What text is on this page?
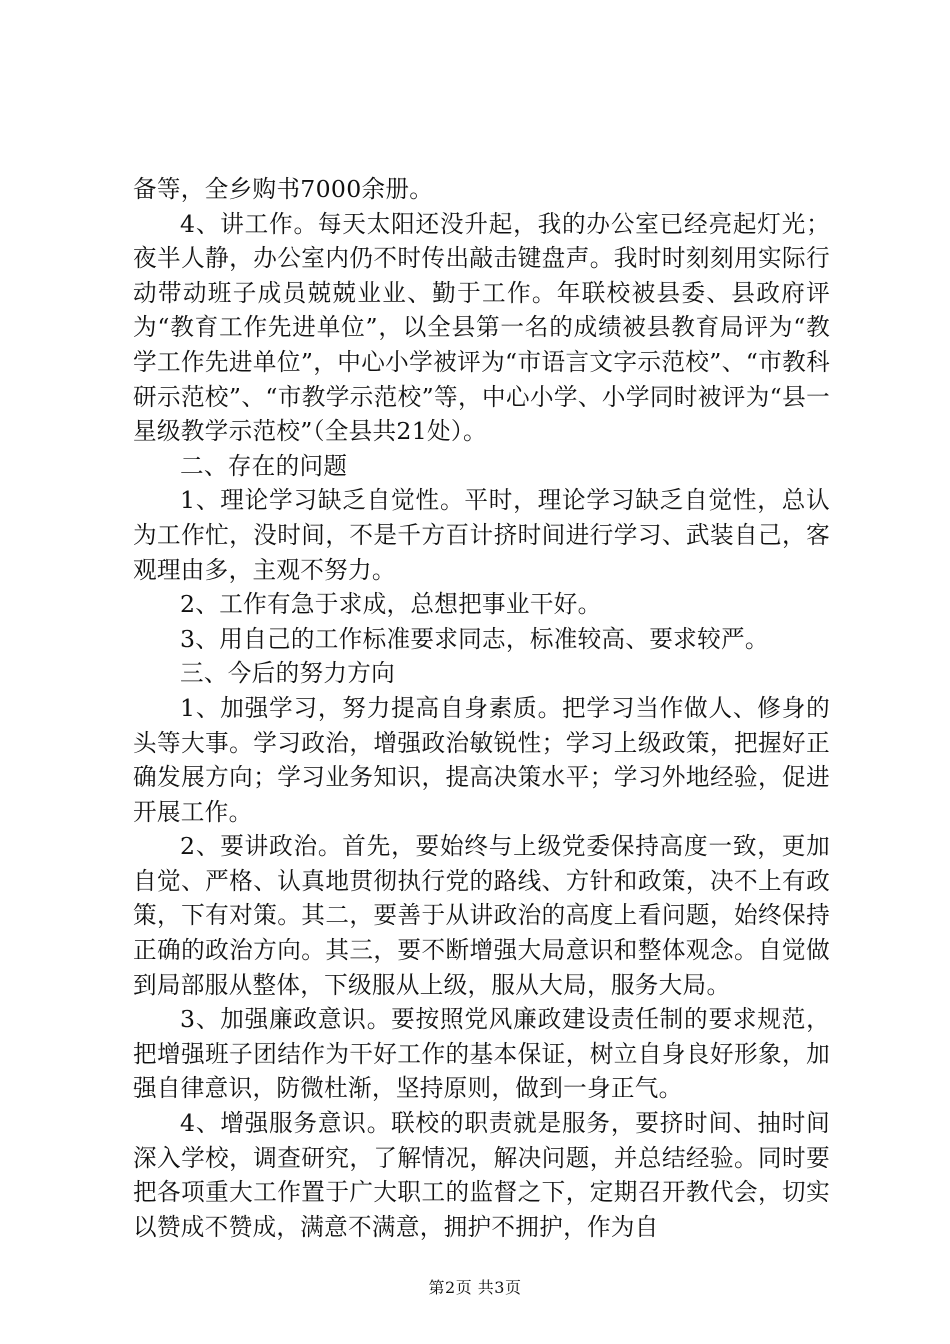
备等，全乡购书7000余册。

4、讲工作。每天太阳还没升起，我的办公室已经亮起灯光；夜半人静，办公室内仍不时传出敲击键盘声。我时时刻刻用实际行动带动班子成员兢兢业业、勤于工作。年联校被县委、县政府评为“教育工作先进单位”，以全县第一名的成绩被县教育局评为“教学工作先进单位”，中心小学被评为“市语言文字示范校”、“市教科研示范校”、“市教学示范校”等，中心小学、小学同时被评为“县一星级教学示范校”（全县共21处）。

二、存在的问题

1、理论学习缺乏自觉性。平时，理论学习缺乏自觉性，总认为工作忙，没时间，不是千方百计挤时间进行学习、武装自己，客观理由多，主观不努力。

2、工作有急于求成，总想把事业干好。

3、用自己的工作标准要求同志，标准较高、要求较严。

三、今后的努力方向

1、加强学习，努力提高自身素质。把学习当作做人、修身的头等大事。学习政治，增强政治敏锐性；学习上级政策，把握好正确发展方向；学习业务知识，提高决策水平；学习外地经验，促进开展工作。

2、要讲政治。首先，要始终与上级党委保持高度一致，更加自觉、严格、认真地贯彻执行党的路线、方针和政策，决不上有政策，下有对策。其二，要善于从讲政治的高度上看问题，始终保持正确的政治方向。其三，要不断增强大局意识和整体观念。自觉做到局部服从整体，下级服从上级，服从大局，服务大局。

3、加强廉政意识。要按照党风廉政建设责任制的要求规范，把增强班子团结作为干好工作的基本保证，树立自身良好形象，加强自律意识，防微杜渐，坚持原则，做到一身正气。

4、增强服务意识。联校的职责就是服务，要挤时间、抽时间深入学校，调查研究，了解情况，解决问题，并总结经验。同时要把各项重大工作置于广大职工的监督之下，定期召开教代会，切实以赞成不赞成，满意不满意，拥护不拥护，作为自

第2页 共3页
